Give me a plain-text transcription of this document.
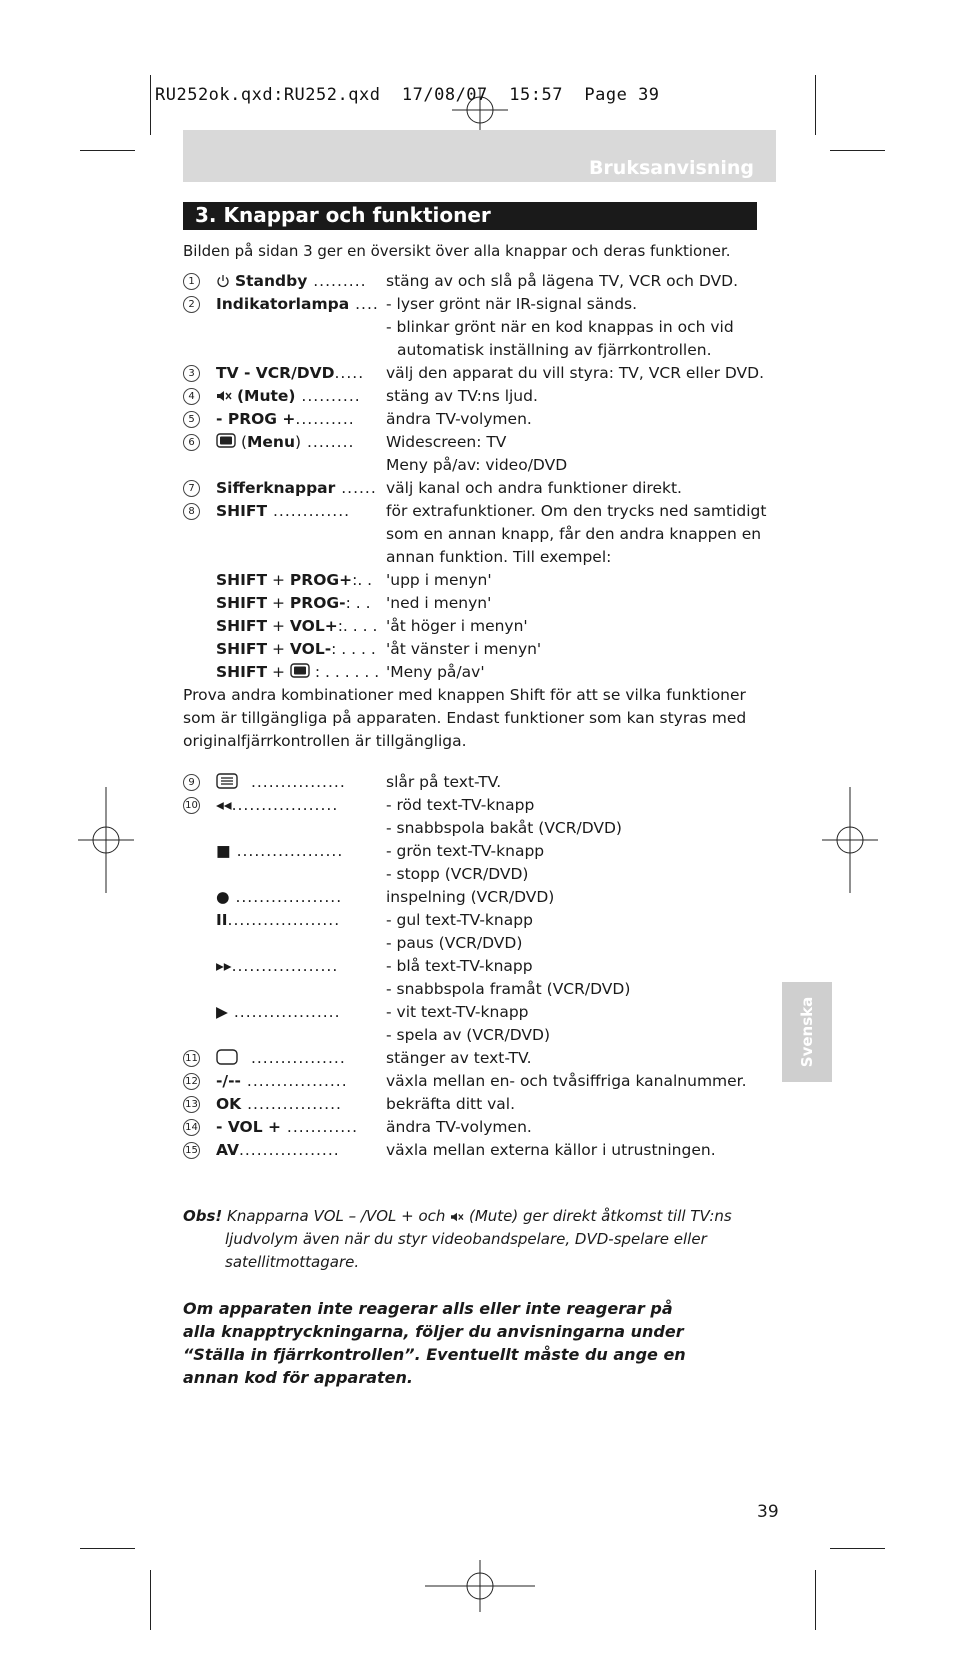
RU252ok.qxd:RU252.qxd  17/08/07  15:57  Page 39
Bruksanvisning
3. Knappar och funktioner
Bilden på sidan 3 ger en översikt över alla knappar och deras funktioner.
1	Standby ......... stäng av och slå på lägena TV, VCR och DVD.
2	Indikatorlampa .... - lyser grönt när IR-signal sänds.
- blinkar grönt när en kod knappas in och vid
automatisk inställning av fjärrkontrollen.
3	TV - VCR/DVD..... välj den apparat du vill styra: TV, VCR eller DVD.
4	(Mute) .......... stäng av TV:ns ljud.
5	- PROG +.......... ändra TV-volymen.
6	(Menu) ........ Widescreen: TV
Meny på/av: video/DVD
7	Sifferknappar ...... välj kanal och andra funktioner direkt.
8	SHIFT ............. för extrafunktioner. Om den trycks ned samtidigt
som en annan knapp, får den andra knappen en
annan funktion. Till exempel:
SHIFT + PROG+:. . 'upp i menyn'
SHIFT + PROG-: . . 'ned i menyn'
SHIFT + VOL+:. . . . 'åt höger i menyn'
SHIFT + VOL-: . . . . 'åt vänster i menyn'
SHIFT +  : . . . . . . 'Meny på/av'
Prova andra kombinationer med knappen Shift för att se vilka funktioner som är tillgängliga på apparaten. Endast funktioner som kan styras med originalfjärrkontrollen är tillgängliga.
9	................	slår på text-TV.
10 ◂◂..................	- röd text-TV-knapp
- snabbspola bakåt (VCR/DVD)
■ ..................	- grön text-TV-knapp
- stopp (VCR/DVD)
● ..................	inspelning (VCR/DVD)
II...................	- gul text-TV-knapp
- paus (VCR/DVD)
▸▸..................	- blå text-TV-knapp
- snabbspola framåt (VCR/DVD)
▶ ..................	- vit text-TV-knapp
- spela av (VCR/DVD)
11	................	stänger av text-TV.
12 -/-- ................. växla mellan en- och tvåsiffriga kanalnummer.
13 OK ................	bekräfta ditt val.
14 - VOL + ............ ändra TV-volymen.
15 AV.................	växla mellan externa källor i utrustningen.
Obs! Knapparna VOL – /VOL + och (Mute) ger direkt åtkomst till TV:ns
ljudvolym även när du styr videobandspelare, DVD-spelare eller
satellitmottagare.
Om apparaten inte reagerar alls eller inte reagerar på alla knapptryckningarna, följer du anvisningarna under “Ställa in fjärrkontrollen”. Eventuellt måste du ange en annan kod för apparaten.
Svenska
39
